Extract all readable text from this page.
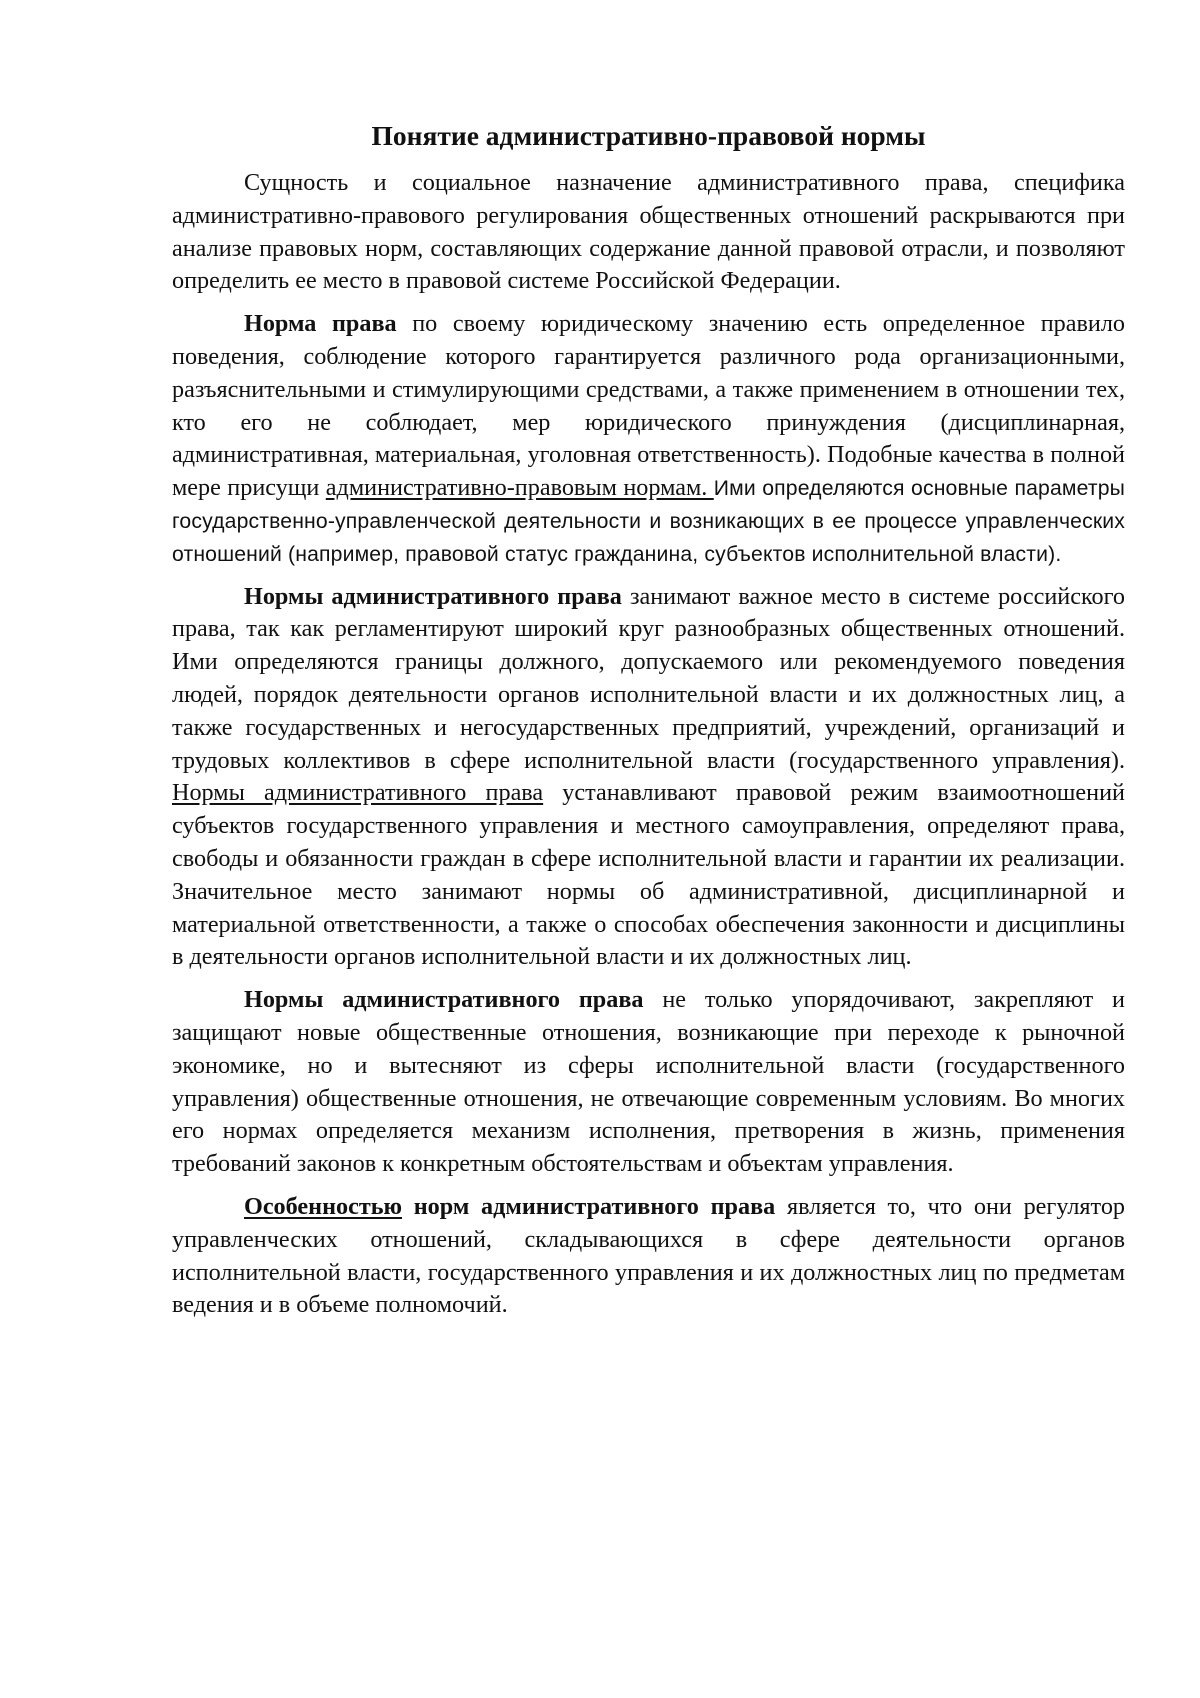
Понятие административно-правовой нормы

Сущность и социальное назначение административного права, специфика административно-правового регулирования общественных отношений раскрываются при анализе правовых норм, составляющих содержание данной правовой отрасли, и позволяют определить ее место в правовой системе Российской Федерации.

Норма права по своему юридическому значению есть определенное правило поведения, соблюдение которого гарантируется различного рода организационными, разъяснительными и стимулирующими средствами, а также применением в отношении тех, кто его не соблюдает, мер юридического принуждения (дисциплинарная, административная, материальная, уголовная ответственность). Подобные качества в полной мере присущи административно-правовым нормам. Ими определяются основные параметры государственно-управленческой деятельности и возникающих в ее процессе управленческих отношений (например, правовой статус гражданина, субъектов исполнительной власти).

Нормы административного права занимают важное место в системе российского права, так как регламентируют широкий круг разнообразных общественных отношений. Ими определяются границы должного, допускаемого или рекомендуемого поведения людей, порядок деятельности органов исполнительной власти и их должностных лиц, а также государственных и негосударственных предприятий, учреждений, организаций и трудовых коллективов в сфере исполнительной власти (государственного управления). Нормы административного права устанавливают правовой режим взаимоотношений субъектов государственного управления и местного самоуправления, определяют права, свободы и обязанности граждан в сфере исполнительной власти и гарантии их реализации. Значительное место занимают нормы об административной, дисциплинарной и материальной ответственности, а также о способах обеспечения законности и дисциплины в деятельности органов исполнительной власти и их должностных лиц.

Нормы административного права не только упорядочивают, закрепляют и защищают новые общественные отношения, возникающие при переходе к рыночной экономике, но и вытесняют из сферы исполнительной власти (государственного управления) общественные отношения, не отвечающие современным условиям. Во многих его нормах определяется механизм исполнения, претворения в жизнь, применения требований законов к конкретным обстоятельствам и объектам управления.

Особенностью норм административного права является то, что они регулятор управленческих отношений, складывающихся в сфере деятельности органов исполнительной власти, государственного управления и их должностных лиц по предметам ведения и в объеме полномочий.
